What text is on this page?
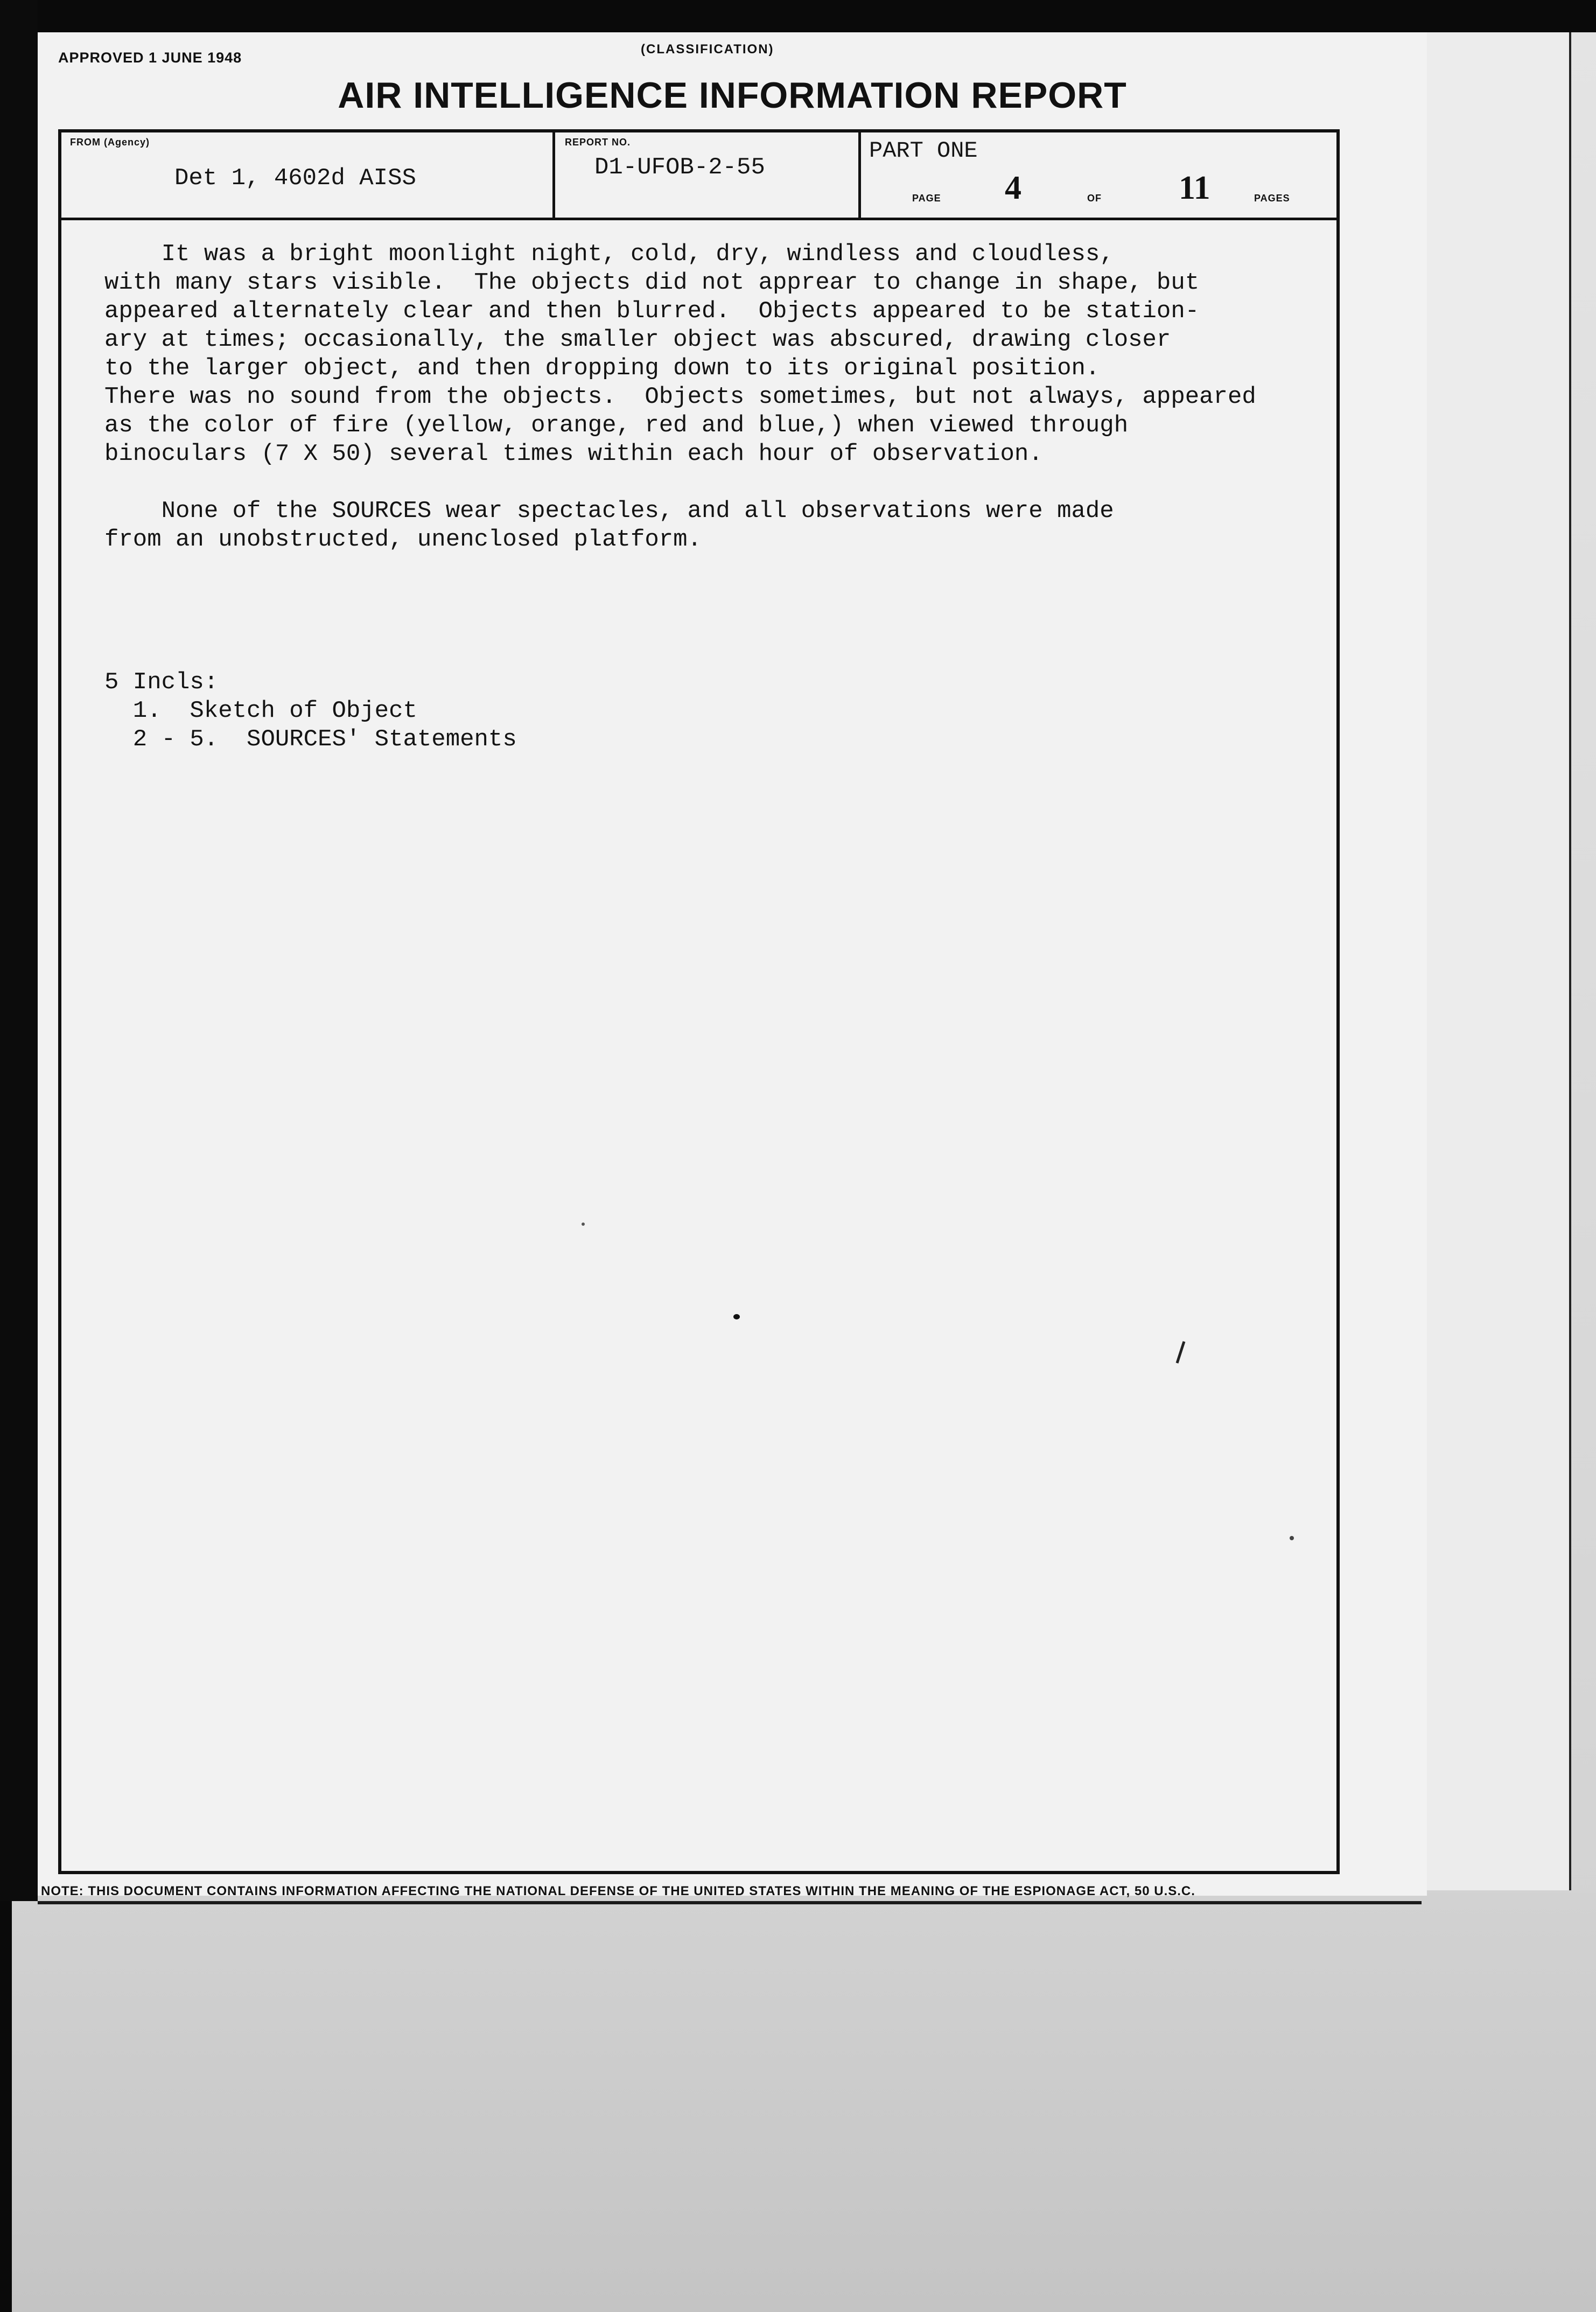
APPROVED 1 JUNE 1948
(CLASSIFICATION)
AIR INTELLIGENCE INFORMATION REPORT
FROM (Agency)
Det 1, 4602d AISS
REPORT NO.
D1-UFOB-2-55
PART ONE
PAGE 4	OF 11	PAGES
It was a bright moonlight night, cold, dry, windless and cloudless,
with many stars visible.  The objects did not apprear to change in shape, but
appeared alternately clear and then blurred.  Objects appeared to be station-
ary at times; occasionally, the smaller object was abscured, drawing closer
to the larger object, and then dropping down to its original position.
There was no sound from the objects.  Objects sometimes, but not always, appeared
as the color of fire (yellow, orange, red and blue,) when viewed through
binoculars (7 X 50) several times within each hour of observation.

None of the SOURCES wear spectacles, and all observations were made
from an unobstructed, unenclosed platform.

5 Incls:
1.  Sketch of Object
2 - 5.  SOURCES' Statements
NOTE: THIS DOCUMENT CONTAINS INFORMATION AFFECTING THE NATIONAL DEFENSE OF THE UNITED STATES WITHIN THE MEANING OF THE ESPIONAGE ACT, 50 U.S.C.
